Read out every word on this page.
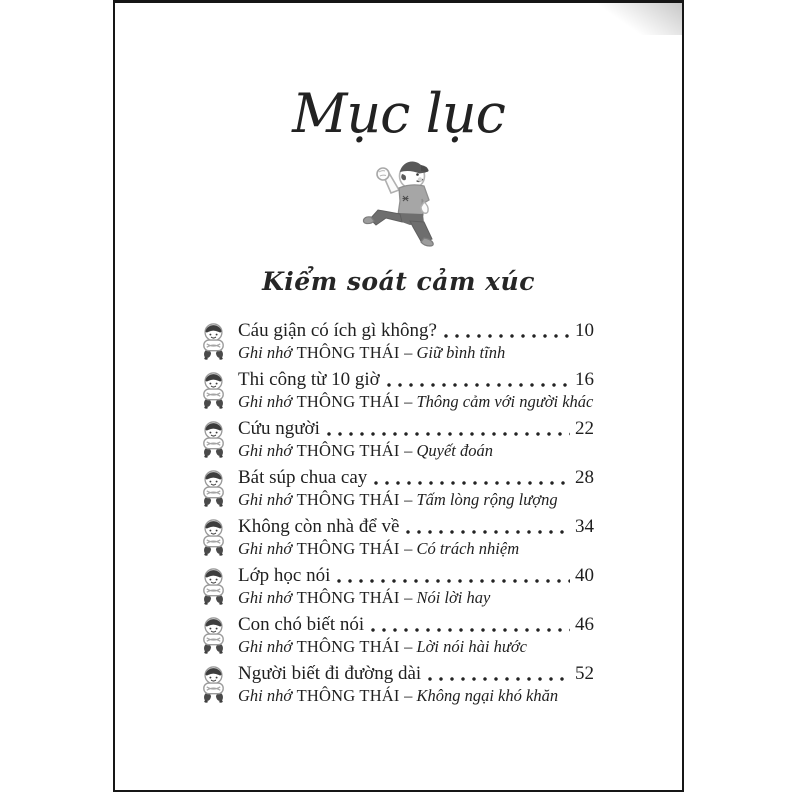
Mục lục
Kiểm soát cảm xúc
Cáu giận có ích gì không?	10
Ghi nhớ THÔNG THÁI – Giữ bình tĩnh
Thi công từ 10 giờ	16
Ghi nhớ THÔNG THÁI – Thông cảm với người khác
Cứu người	22
Ghi nhớ THÔNG THÁI – Quyết đoán
Bát súp chua cay	28
Ghi nhớ THÔNG THÁI – Tấm lòng rộng lượng
Không còn nhà để về	34
Ghi nhớ THÔNG THÁI – Có trách nhiệm
Lớp học nói	40
Ghi nhớ THÔNG THÁI – Nói lời hay
Con chó biết nói	46
Ghi nhớ THÔNG THÁI – Lời nói hài hước
Người biết đi đường dài	52
Ghi nhớ THÔNG THÁI – Không ngại khó khăn
